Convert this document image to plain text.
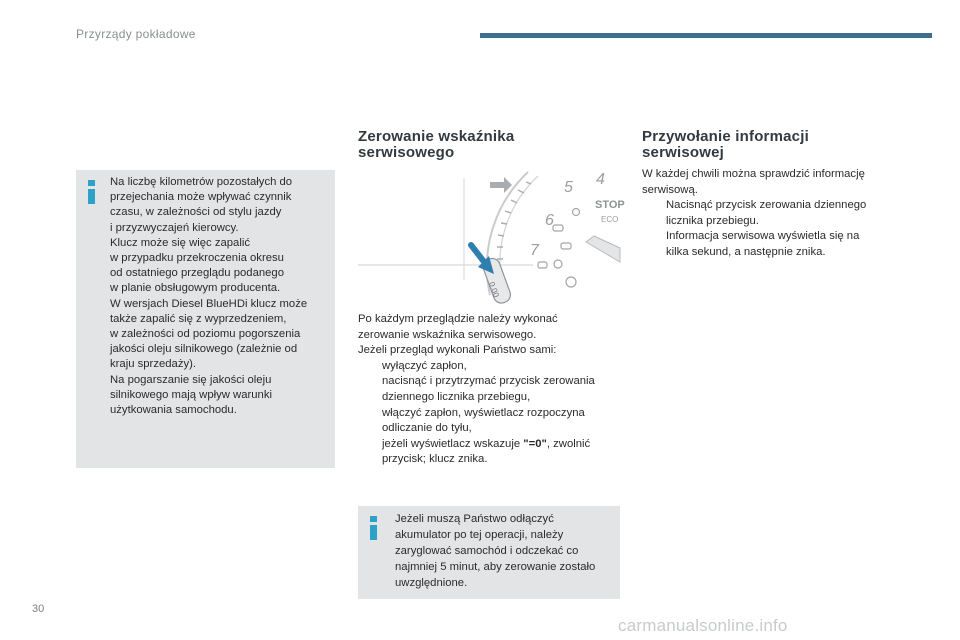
Przyrządy pokładowe

Na liczbę kilometrów pozostałych do

przejechania może wpływać czynnik

czasu, w zależności od stylu jazdy

i przyzwyczajeń kierowcy.

Klucz może się więc zapalić

w przypadku przekroczenia okresu

od ostatniego przeglądu podanego

w planie obsługowym producenta.

W wersjach Diesel BlueHDi klucz może

także zapalić się z wyprzedzeniem,

w zależności od poziomu pogorszenia

jakości oleju silnikowego (zależnie od

kraju sprzedaży).

Na pogarszanie się jakości oleju

silnikowego mają wpływ warunki

użytkowania samochodu.

Zerowanie wskaźnika
serwisowego
4
5
6
7
STOP
ECO
0.00

Po każdym przeglądzie należy wykonać

zerowanie wskaźnika serwisowego.

Jeżeli przegląd wykonali Państwo sami:

wyłączyć zapłon,
nacisnąć i przytrzymać przycisk zerowania
dziennego licznika przebiegu,
włączyć zapłon, wyświetlacz rozpoczyna
odliczanie do tyłu,
jeżeli wyświetlacz wskazuje "=0", zwolnić
przycisk; klucz znika.

Jeżeli muszą Państwo odłączyć

akumulator po tej operacji, należy

zaryglować samochód i odczekać co

najmniej 5 minut, aby zerowanie zostało

uwzględnione.

Przywołanie informacji
serwisowej

W każdej chwili można sprawdzić informację

serwisową.

Nacisnąć przycisk zerowania dziennego
licznika przebiegu.
Informacja serwisowa wyświetla się na
kilka sekund, a następnie znika.
30
carmanualsonline.info
